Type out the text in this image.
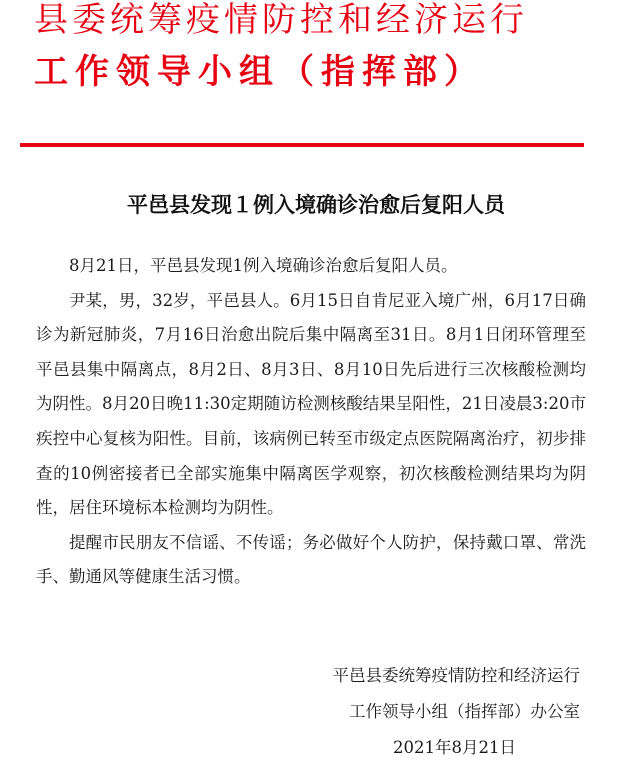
县委统筹疫情防控和经济运行
工作领导小组（指挥部）
平邑县发现１例入境确诊治愈后复阳人员

8月21日，平邑县发现1例入境确诊治愈后复阳人员。

尹某，男，32岁，平邑县人。6月15日自肯尼亚入境广州，6月17日确诊为新冠肺炎，7月16日治愈出院后集中隔离至31日。8月1日闭环管理至平邑县集中隔离点，8月2日、8月3日、8月10日先后进行三次核酸检测均为阴性。8月20日晚11:30定期随访检测核酸结果呈阳性，21日凌晨3:20市疾控中心复核为阳性。目前，该病例已转至市级定点医院隔离治疗，初步排查的10例密接者已全部实施集中隔离医学观察，初次核酸检测结果均为阴性，居住环境标本检测均为阴性。

提醒市民朋友不信谣、不传谣；务必做好个人防护，保持戴口罩、常洗手、勤通风等健康生活习惯。

平邑县委统筹疫情防控和经济运行
工作领导小组（指挥部）办公室
2021年8月21日
